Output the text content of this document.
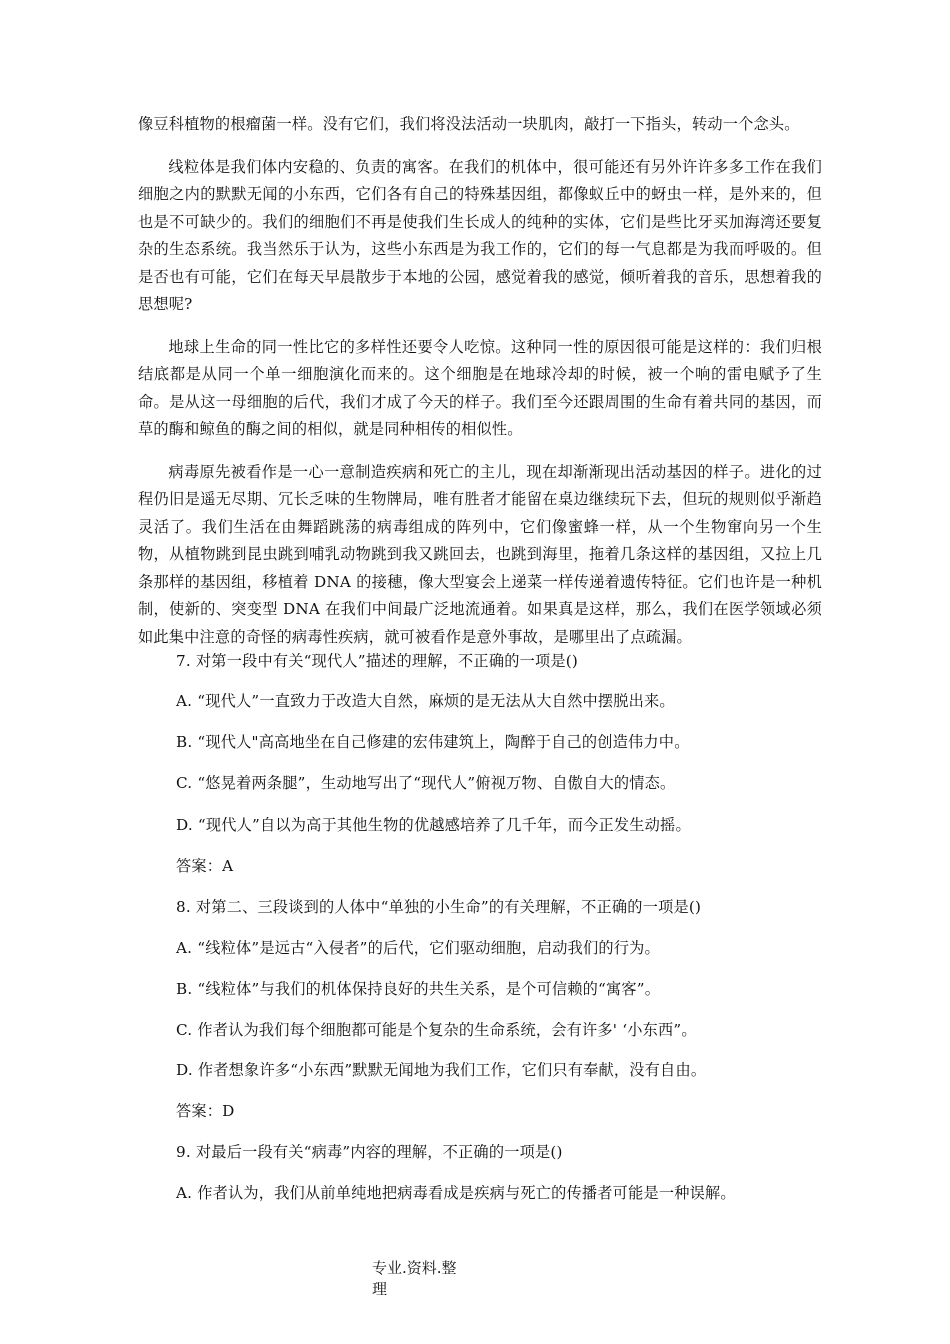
像豆科植物的根瘤菌一样。没有它们，我们将没法活动一块肌肉，敲打一下指头，转动一个念头。

线粒体是我们体内安稳的、负责的寓客。在我们的机体中，很可能还有另外许许多多工作在我们细胞之内的默默无闻的小东西，它们各有自己的特殊基因组，都像蚁丘中的蚜虫一样，是外来的，但也是不可缺少的。我们的细胞们不再是使我们生长成人的纯种的实体，它们是些比牙买加海湾还要复杂的生态系统。我当然乐于认为，这些小东西是为我工作的，它们的每一气息都是为我而呼吸的。但是否也有可能，它们在每天早晨散步于本地的公园，感觉着我的感觉，倾听着我的音乐，思想着我的思想呢?

地球上生命的同一性比它的多样性还要令人吃惊。这种同一性的原因很可能是这样的：我们归根结底都是从同一个单一细胞演化而来的。这个细胞是在地球冷却的时候，被一个响的雷电赋予了生命。是从这一母细胞的后代，我们才成了今天的样子。我们至今还跟周围的生命有着共同的基因，而草的酶和鲸鱼的酶之间的相似，就是同种相传的相似性。

病毒原先被看作是一心一意制造疾病和死亡的主儿，现在却渐渐现出活动基因的样子。进化的过程仍旧是遥无尽期、冗长乏味的生物牌局，唯有胜者才能留在桌边继续玩下去，但玩的规则似乎渐趋灵活了。我们生活在由舞蹈跳荡的病毒组成的阵列中，它们像蜜蜂一样，从一个生物窜向另一个生物，从植物跳到昆虫跳到哺乳动物跳到我又跳回去，也跳到海里，拖着几条这样的基因组，又拉上几条那样的基因组，移植着 DNA 的接穗，像大型宴会上递菜一样传递着遗传特征。它们也许是一种机制，使新的、突变型 DNA 在我们中间最广泛地流通着。如果真是这样，那么，我们在医学领域必须如此集中注意的奇怪的病毒性疾病，就可被看作是意外事故，是哪里出了点疏漏。

7. 对第一段中有关“现代人”描述的理解，不正确的一项是()
A. “现代人”一直致力于改造大自然，麻烦的是无法从大自然中摆脱出来。
B. “现代人"高高地坐在自己修建的宏伟建筑上，陶醉于自己的创造伟力中。
C. “悠晃着两条腿”，生动地写出了“现代人”俯视万物、自傲自大的情态。
D. “现代人”自以为高于其他生物的优越感培养了几千年，而今正发生动摇。
答案：A
8. 对第二、三段谈到的人体中“单独的小生命”的有关理解，不正确的一项是()
A. “线粒体”是远古“入侵者”的后代，它们驱动细胞，启动我们的行为。
B. “线粒体”与我们的机体保持良好的共生关系，是个可信赖的“寓客”。
C. 作者认为我们每个细胞都可能是个复杂的生命系统，会有许多' ‘小东西”。
D. 作者想象许多“小东西”默默无闻地为我们工作，它们只有奉献，没有自由。
答案：D
9. 对最后一段有关“病毒”内容的理解，不正确的一项是()
A. 作者认为，我们从前单纯地把病毒看成是疾病与死亡的传播者可能是一种误解。
专业.资料.整理
